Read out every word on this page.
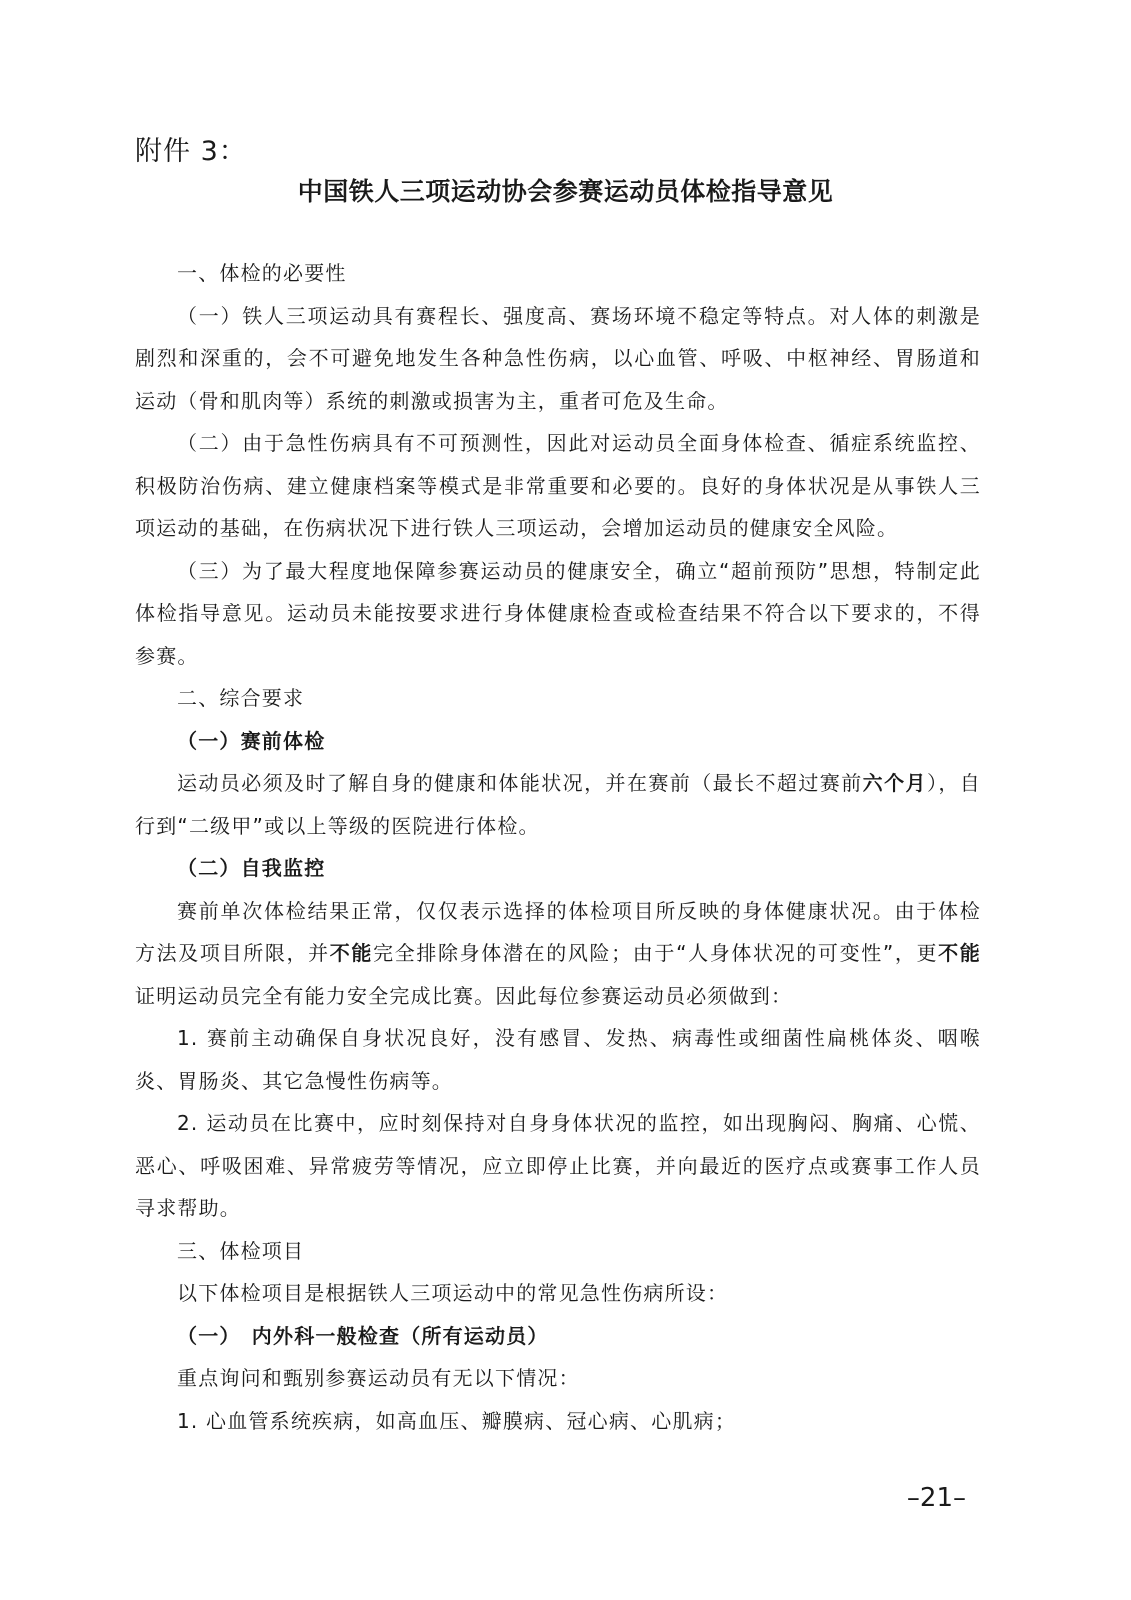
附件 3：
中国铁人三项运动协会参赛运动员体检指导意见

一、体检的必要性

（一）铁人三项运动具有赛程长、强度高、赛场环境不稳定等特点。对人体的刺激是剧烈和深重的，会不可避免地发生各种急性伤病，以心血管、呼吸、中枢神经、胃肠道和运动（骨和肌肉等）系统的刺激或损害为主，重者可危及生命。

（二）由于急性伤病具有不可预测性，因此对运动员全面身体检查、循症系统监控、积极防治伤病、建立健康档案等模式是非常重要和必要的。良好的身体状况是从事铁人三项运动的基础，在伤病状况下进行铁人三项运动，会增加运动员的健康安全风险。

（三）为了最大程度地保障参赛运动员的健康安全，确立“超前预防”思想，特制定此体检指导意见。运动员未能按要求进行身体健康检查或检查结果不符合以下要求的，不得参赛。

二、综合要求

（一）赛前体检

运动员必须及时了解自身的健康和体能状况，并在赛前（最长不超过赛前六个月），自行到“二级甲”或以上等级的医院进行体检。

（二）自我监控

赛前单次体检结果正常，仅仅表示选择的体检项目所反映的身体健康状况。由于体检方法及项目所限，并不能完全排除身体潜在的风险；由于“人身体状况的可变性”，更不能证明运动员完全有能力安全完成比赛。因此每位参赛运动员必须做到：

1. 赛前主动确保自身状况良好，没有感冒、发热、病毒性或细菌性扁桃体炎、咽喉炎、胃肠炎、其它急慢性伤病等。

2. 运动员在比赛中，应时刻保持对自身身体状况的监控，如出现胸闷、胸痛、心慌、恶心、呼吸困难、异常疲劳等情况，应立即停止比赛，并向最近的医疗点或赛事工作人员寻求帮助。

三、体检项目

以下体检项目是根据铁人三项运动中的常见急性伤病所设：

（一）　内外科一般检查（所有运动员）

重点询问和甄别参赛运动员有无以下情况：

1. 心血管系统疾病，如高血压、瓣膜病、冠心病、心肌病；

–21–
